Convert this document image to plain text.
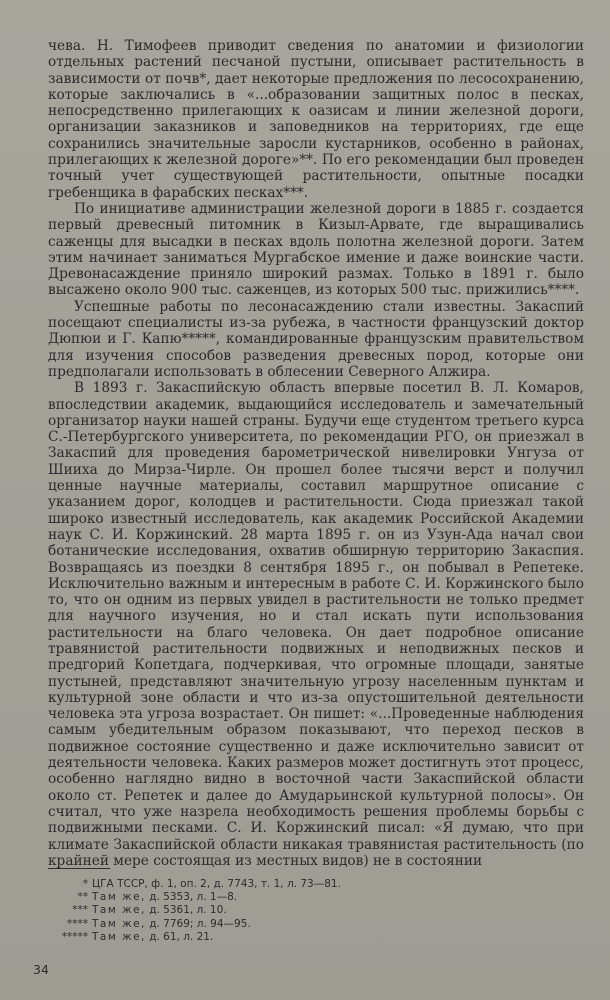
чева. Н. Тимофеев приводит сведения по анатомии и физиологии отдельных растений песчаной пустыни, описывает растительность в зависимости от почв*, дает некоторые предложения по лесосохранению, которые заключались в «...образовании защитных полос в песках, непосредственно прилегающих к оазисам и линии железной дороги, организации заказников и заповедников на территориях, где еще сохранились значительные заросли кустарников, особенно в районах, прилегающих к железной дороге»**. По его рекомендации был проведен точный учет существующей растительности, опытные посадки гребенщика в фарабских песках***.

По инициативе администрации железной дороги в 1885 г. создается первый древесный питомник в Кизыл-Арвате, где выращивались саженцы для высадки в песках вдоль полотна железной дороги. Затем этим начинает заниматься Мургабское имение и даже воинские части. Древонасаждение приняло широкий размах. Только в 1891 г. было высажено около 900 тыс. саженцев, из которых 500 тыс. прижились****.

Успешные работы по лесонасаждению стали известны. Закаспий посещают специалисты из-за рубежа, в частности французский доктор Дюпюи и Г. Капю*****, командированные французским правительством для изучения способов разведения древесных пород, которые они предполагали использовать в облесении Северного Алжира.

В 1893 г. Закаспийскую область впервые посетил В. Л. Комаров, впоследствии академик, выдающийся исследователь и замечательный организатор науки нашей страны. Будучи еще студентом третьего курса С.-Петербургского университета, по рекомендации РГО, он приезжал в Закаспий для проведения барометрической нивелировки Унгуза от Шииха до Мирза-Чирле. Он прошел более тысячи верст и получил ценные научные материалы, составил маршрутное описание с указанием дорог, колодцев и растительности. Сюда приезжал такой широко известный исследователь, как академик Российской Академии наук С. И. Коржинский. 28 марта 1895 г. он из Узун-Ада начал свои ботанические исследования, охватив обширную территорию Закаспия. Возвращаясь из поездки 8 сентября 1895 г., он побывал в Репетеке. Исключительно важным и интересным в работе С. И. Коржинского было то, что он одним из первых увидел в растительности не только предмет для научного изучения, но и стал искать пути использования растительности на благо человека. Он дает подробное описание травянистой растительности подвижных и неподвижных песков и предгорий Копетдага, подчеркивая, что огромные площади, занятые пустыней, представляют значительную угрозу населенным пунктам и культурной зоне области и что из-за опустошительной деятельности человека эта угроза возрастает. Он пишет: «...Проведенные наблюдения самым убедительным образом показывают, что переход песков в подвижное состояние существенно и даже исключительно зависит от деятельности человека. Каких размеров может достигнуть этот процесс, особенно наглядно видно в восточной части Закаспийской области около ст. Репетек и далее до Амударьинской культурной полосы». Он считал, что уже назрела необходимость решения проблемы борьбы с подвижными песками. С. И. Коржинский писал: «Я думаю, что при климате Закаспийской области никакая травянистая растительность (по крайней мере состоящая из местных видов) не в состоянии

* ЦГА ТССР, ф. 1, оп. 2, д. 7743, т. 1, л. 73—81.
** Там же, д. 5353, л. 1—8.
*** Там же, д. 5361, л. 10.
**** Там же, д. 7769; л. 94—95.
***** Там же, д. 61, л. 21.
34
